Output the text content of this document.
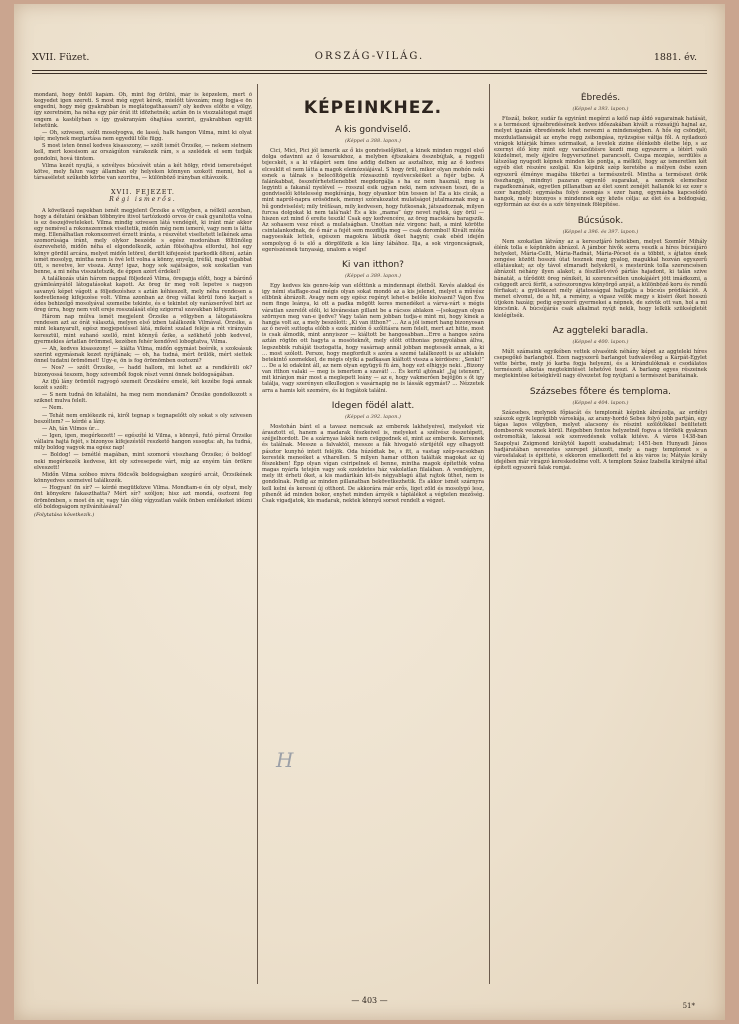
XVII. Füzet.	ORSZÁG-VILÁG.	1881. év.

mondani, hogy öntöl kapám. Oh, mint fog örülni, már is képzelem, mert ő kegyedet igen szereti. S most még egyet kérek, mielőtt távozám; meg fogja-e ön engedni, hogy még gyakrabban is meglátogathassam? oly kedves előtte e völgy, így szeretném, ha néha egy pár órát itt idözhetnék; aztán ön is viszzalátogat majd engem a kastélyban s így gyakranyám óhajtása szerint, gyakrabban együtt lehetünk.

— Oh, szivesen, szólt mosolyogva, de lassú, halk hangon Vilma, mint ki olyat igér, melynek megtartása nem egyedül tőle függ.

S most isten önnel kedves kisasszony, — szólt ismét Örzsike, — nekem sietnem kell, mert koesisom az országúton várakozik rám, s a szelédek el sem tudják gondolni, hová tüntem.

Vilma kezét nyujtá, s szivélyes búcsúvét után a két hölgy, rövid ismeretséget kötve, mely falun vagy államban oly helyeken könnyen szokott menni, hol a társaséletet szűkebb körbe van szoritva, — különböző irányban eltávozék.

XVII. FEJEZET.
Régi ismerős.

A következő napokban ismét megjelent Örzsike a völgyben, a nélkül azonban, hogy a délutáni órákban többnyire itivol tartózkodó orvos őr csak gyanította volna is ez összejöveteleket. Vilma mindig szivesen látá vendégét, ki iránt már akkor egy nemével a rokonszenvnek viseltetik, midőn még nem ismeré, vagy nem is látta még. Ellenálhatlan rokonszenvet érzett iránta, s részvétet viseltetett lelkének ama szomorúsága iránt, mely olykor beszéde s egész modorában föltünőleg észrevehető, midőn néha el elgondolkozik, aztán fölsóhajtva elfordul, hol egy könyv gördül arcára, melyet midőn letörel, derült kifejezést iparkodik ölteni, aztán ismét mosolyg, mintha nem is övé lett volna a könny, enyelg, tréfál, majd vígabbat ütt, s nevetve, ler vissza. Anny! igaz, hogy sok sajátságos, sok szokatlan van benne, a mi néha visszatetszik, de éppen azért érdekel!

A találkozás után három nappal följedező Vilma, öregapja előtt, hogy a bárónő gyámleányától látogatásokat kapott. Az öreg ür meg volt lepetve s nagyon savanyú képet vágott a följedezéshez s aztán kéhieszelt, mely néha rendesen a kedvetlenség kifejezése volt. Vilma azonban az öreg vállai körül fonó karjait s édes behizelgő mosolyával szemeibe tekinte, és e tekintet oly varázserővel birt az öreg úrra, hogy nem volt ereje rosszalását elég szigorral szavakban kifejezni.

Három nap múlva ismét megjelent Örzsike a völgyben a látogatásokra rendesen azt az órát választá, melyen első izben találkozék Vilmával. Örzsike, a mint lekanyarult, egész megjepetéssel látá, miként szalad feléje a rét virányain keresztül, mint suhanó szellő, mint könnyű őzike, a szökhető jobb kedvvel, gyermekies ártatlan örömmel, kezében fehér kendővel lobogtatva, Vilma.

— Ah, kedves kisasszony! — kiálta Vilma, midőn egymást beérék, s szoksásuk szerint egymásnak kezet nyújtának; — oh, ha tudná, mért örülök, mért siettek önnel tudatni örömömet! Ugy-e, ön is fog örömömben osztozni?

— Nos? — szólt Örzsike, — hadd hallom, mi lehet az a rendkívüli ok? bizonyossá teszem, hogy szivemből fogok részt venni önnek boldogságában.

Az ifjú lány örömtől ragyogó szemeit Örzsikére emelé, két kezébe fogá annak kezét s szólt:

— S nem tudná ön kitalálni, ha meg nem mondanám? Örzsike gondolkozott s sziknet mulva felelt.

— Nem.

— Tehát nem emlékezik rá, kiről tegnap s tegnapelőtt oly sokat s oly szivesen beszéltem? — kérdé a lány.

— Ah, tán Vilmos úr…

— Igen, igen, megérkezett! — egészíté ki Vilma, s könnyű, futó pírral Örzsike vállaira hajtá fejét, s bizonyos kifejezéstől reszkető hangon susogta: ah, ha tudná, mily boldog vagyok ma egész nap!

— Boldog! — ismétlé magában, mint szomorú visszhang Örzsike; ó boldog! neki megérkezék kedvese, kit oly szivesepede várt, míg az enyém tán örökre elveszett!

Midőn Vilma szóbeo mivra födcsők boldogságban szegúró arcát, Örzsikének könnyedves szemeivel találkozék.

— Hogyan! ön sír? — kérdé megütközve Vilma. Mondtam-e én oly olyat, mely önt könyekre fakaszthatta? Mért sír? szóljon; hisz azt mondá, osztozni fog örömömben, s most én sir, vagy tán ólég vígyzatlan valék önben emlékeket idézni elő boldogságom nyilvánításával?

(Folytatása következik.)
KÉPEINKHEZ.
A kis gondviselő.
(Képpel a 388. lapon.)

Cici, Mici, Pici jól ismerik az ő kis gondviselőjöket, a kinek minden reggel első dolga odavinni az ő kosarukhoz, a melyben éjtszakára összebújtak, a reggeli tejecskét, s a ki világért sem üne addig delben az asztalhoz, míg az ő kedves elcsuklit el nem látta a magok elemózsiájával. S hogy örül, mikor olyan mohón nekí esnek a tálnak s belecöltögetik rózsaszinü nyelvecskéiket a fejér tejbe. A falánkabbat, összeférhetetlenebbet megdorgálja s ha ez nem használ, meg is legyinti a fakanál nyelével — rosszul esik ugyan neki, nem szivesen teszi, de a gondviselői kötelesség megkívánja, hogy olyankor bün tessen is! Ea a kis cicák, a mint napról-napra erősödnek, mennyi szórakozatot mulatságot jutalmaznak meg a hű gondviselést; mily tréfásan, mily kedvesen, hogy futkosnak, játszadoznak, milyen furcsa dolgokat ki nem talá'nak! És a kis „mama” úgy nevet rajtok, úgy örül — hiszen ezt mind ő ereite teszik! Csak egy kedvencére, az öreg macskára haragszik. Az sohasem vesz részt a mulatságban. Unottan néz virgonc hait, a mint körötte csintalankodnak, de ő már a fejét sem mozdítja meg — csak dorombol! Kivált mióta nagyoeskák lettek, egészen magokra látszik őket hagyni; csak ebéd idején sompolyog ő is elő a dörgölözik a kis lány lábához. Ilja, a sok virgoncságnak, egerészésnek tunyaság, unalom a vége!

Ki van itthon?
(Képpel a 389. lapon.)

Egy kedves kis genre-kép van előttünk a mindennapi életből. Kevés alakkal és igy némi staffage-zsal mégis olyan sokat mondó az a kis jelenet, melyet a művész elibünk ábrázolt. Avagy nem egy egész regényt lehet-e belőle kiolvasni? Vajon Éva nem finge leánya, ki ott a padka mögött keres menedéket a várva-várt s mégis váratlan szerelőt előli, ki kivánesian pillant be a rácsos ablakon —[sokagyan olyan szörnyen meg van-e ijedve? Vagy talán nem jobban tudja-e mint mi, hogy kinek a hangja volt az, a mely beszólott: „Ki van itthon?” … Az a jól ismert hang bizonyosan az ő nevét suttogta előbb s ezek midón ő szőlitásra nem felelt, mert azt hitte, most is csak álmodik, mint annyiszor — kiáltott be hangosabban…Erre a hangos szóra aztán rögtön ott hagyta a mosóteknőt, mely előtt otthonias pongyolában állva, legszebbik ruháját tisztogatta, hogy vasárnap annál jobban megtessék annak, a ki … most szólott. Persze, hogy megfordult s azóra a szemé találkozott is az ablakén betekintő szemekkel, de mégis olyiki a padkasan kiáltott vissza a kérdésre: „Senki!” … De a ki odakünt áll, az nem olyan együgyű fü ám, hogy ezt elhigyje neki. „Bizony van itthon valaki — meg is ismertem a szavát! … És kerül ajtónak! „Jaj istenem”, mit kiránjon már most a meglepett leány — az e, hogy vakmerően bejőjjön s őt igy találja, vagy szerényen elkullogjon s vasárnapig ne is lássák egymást? … Nézzetek arra a hamis két szemére, és ki fogjátok találni.

Idegen födél alatt.
(Képpel a 392. lapon.)

Mostohán bánt el a tavasz nemcsak az emberek lakhelyeivel, melyeket víz árasztott el, hanem a madarak fészkeivel is, melyeket a szélvész összetépett, széjjelhordott. De a szárnyas lakók nem csüggednek el, mint az emberek. Keresnek és találnak. Messze a falvaktól, messze a fák hivogató sürüjétől egy elhagyott pásztor kunyhó intett feléjök. Oda húzódtak be, s itt, a vastag szép-vacsokban keresték meneéket a viharellen. S milyen hamar otthon találták magokat az új fészekben! Épp olyan vígan csiripelnek el benne, mintha magok építették volna magas nyárfa tetején vagy sok ezekdetes ház vakolatlan filalában. A vendéglyre, mely itt érheti őket, a kis madárikán kit-és négyablagú állat rajtok üthet, nem is gondolnak. Pedig az minden pillanatban bekövetkezhetik. És akkor ismét szárnyra kell kelni és keresni új otthont. De akkorára már erős, liget zöld és mosolygó lesz, pihenőt ád minden bokor, enyhet minden árnyék s táplálékot a végtelen mezőség. Csak vigadjatok, kis madarak, nektek könnyű sorsot rendelt a végzet.

Ébredés.
(Képpel a 393. lapon.)

Füszál, bokor, sudár fa egyiránt megérzi a kelő nap áldó sugarainak hatását, s a természet újraébredésének kedves időszakában kivált a rózsaújjú hajnal az, melyet igazán ébredésnek lehet nevezni a mindenségben. A hős ég csöndjét, mozdulatlanságát az enyhe regg zsibongása, nyüzsgése váltja fől. A nyiladozó virágok kitárják hímes szirmaikat, a levelek zizine élénkebb életbe lép, s az ezernyi élő lény mint egy varázsütésre kezdi meg egyszerre a létért való küzdelmet, mely éjjelre fegyverszünet parancsolt. Csupa mozgás, serdülés a látszólag nyugodt képnek minden kis pontja, a mélkül, hogy az ismeretlen két egyéb élet részére szolgál. Kis képünk szép keretébe a mélyen ösbe ezen egyszerű élménye magába tükrözi a természetről. Mintha a természet örök összhangjó, mindnyi pazaran egyenlő sugarakat, a szemek elemeihez ragadkoznának, egyetlen pillanatban az élet szent zenéjét hallanók ki ez ezer s ezer hangból; egymásba folyó zsongás s ezer hang, egymásba kapcsolódó hangok, mely bizonyos s mindennek egy közös célja: az élet és a boldogság, egyformán az ész és a szív tényeinek fölépítése.

Búcsúsok.
(Képpel a 396. és 397. lapon.)

Nem szokatlan látvány az a keresztjáró hetekben, melyet Szemlér Mihály élénk tolla e képünkön ábrázol. A jámbor hivők sorra veszik a híres búcsújáró helyeket, Mária-Cellt, Mária-Radnát, Mária-Pócsot és a többit, s ájtatos ének zengése között hosszú útat tesznek meg gyalog, magukkal hozván egyszerű ellátásukat; az oly távol elmaradt helyekről, s mesterünk tolla szerencsésen ábrázolt néhány ilyen alakot; a fészillet-vivő pártás hajadont, ki talán szive bánatát, a tűrődött öreg nénikét, ki szerencsétlen unokájáért jött imádkozni, a csüggedt arcú férfit, a szívszorongva könyörgő anyát, a különböző koru és rendű férfiakat; a gyülekezet mély ájtatossággal hallgatja a búcsús prédikációt. A menet elvonul, de a hit, a remény, a vigasz velök megy s kiséri őket hosszú útjokon hazáig; pedig egyszerű gyermekei a népnek, de szivük ott van, hol a mi kincsünk. A búcsújárás csak alkalmat nyújt nekik, hogy lelkük szükségletét kielégítsék.

Az aggteleki baradla.
(Képpel a 400. lapon.)

Múlt számaink egyikében vettek olvasóink néhány képet az aggteleki híres csepegőkő barlangból. Ezen nagyszerű barlangot tudvalevőleg a Kárpát-Egylet vette bérbe, mely jó karba fogja helyezni, és a kirándulóknak e csodálatos természeti alkotás megtekintését lehetővé teszi. A barlang egyes részeinek megtekintése kétségkívül nagy élvezetet fog nyújtani a természet barátainak.

Százsebes főtere és temploma.
(Képpel a 404. lapon.)

Százsebes, melynek főpiacát és templomát képünk ábrázolja, az erdélyi szászok egyik legrégibb városkája, az arany-hordó Sebes folyó jobb partján, egy tágas lapos völgyben, melyet alacsony és részint szőlőtőkkel beültetett dombsorok vesznek körül. Régebben fontos helyzetnél fogva a törökök gyakran ostromolták, lakosai sok szenvedésnek voltak kitéve. A város 1438-ban Szapolyai Zsigmond királytól kapott szabadalmat; 1451-ben Hunyadi János hadjáratában nevezetes szerepet játszott, mely a nagy templomot s a városfalakat is épitteté, s ekkoron emelkedett fel a kis város is; Mátyás király idejében már virágzó kereskedelme volt. A templom Szász Izabella királyné által épített egyszerű falak romjai.

H
— 403 —
51*
